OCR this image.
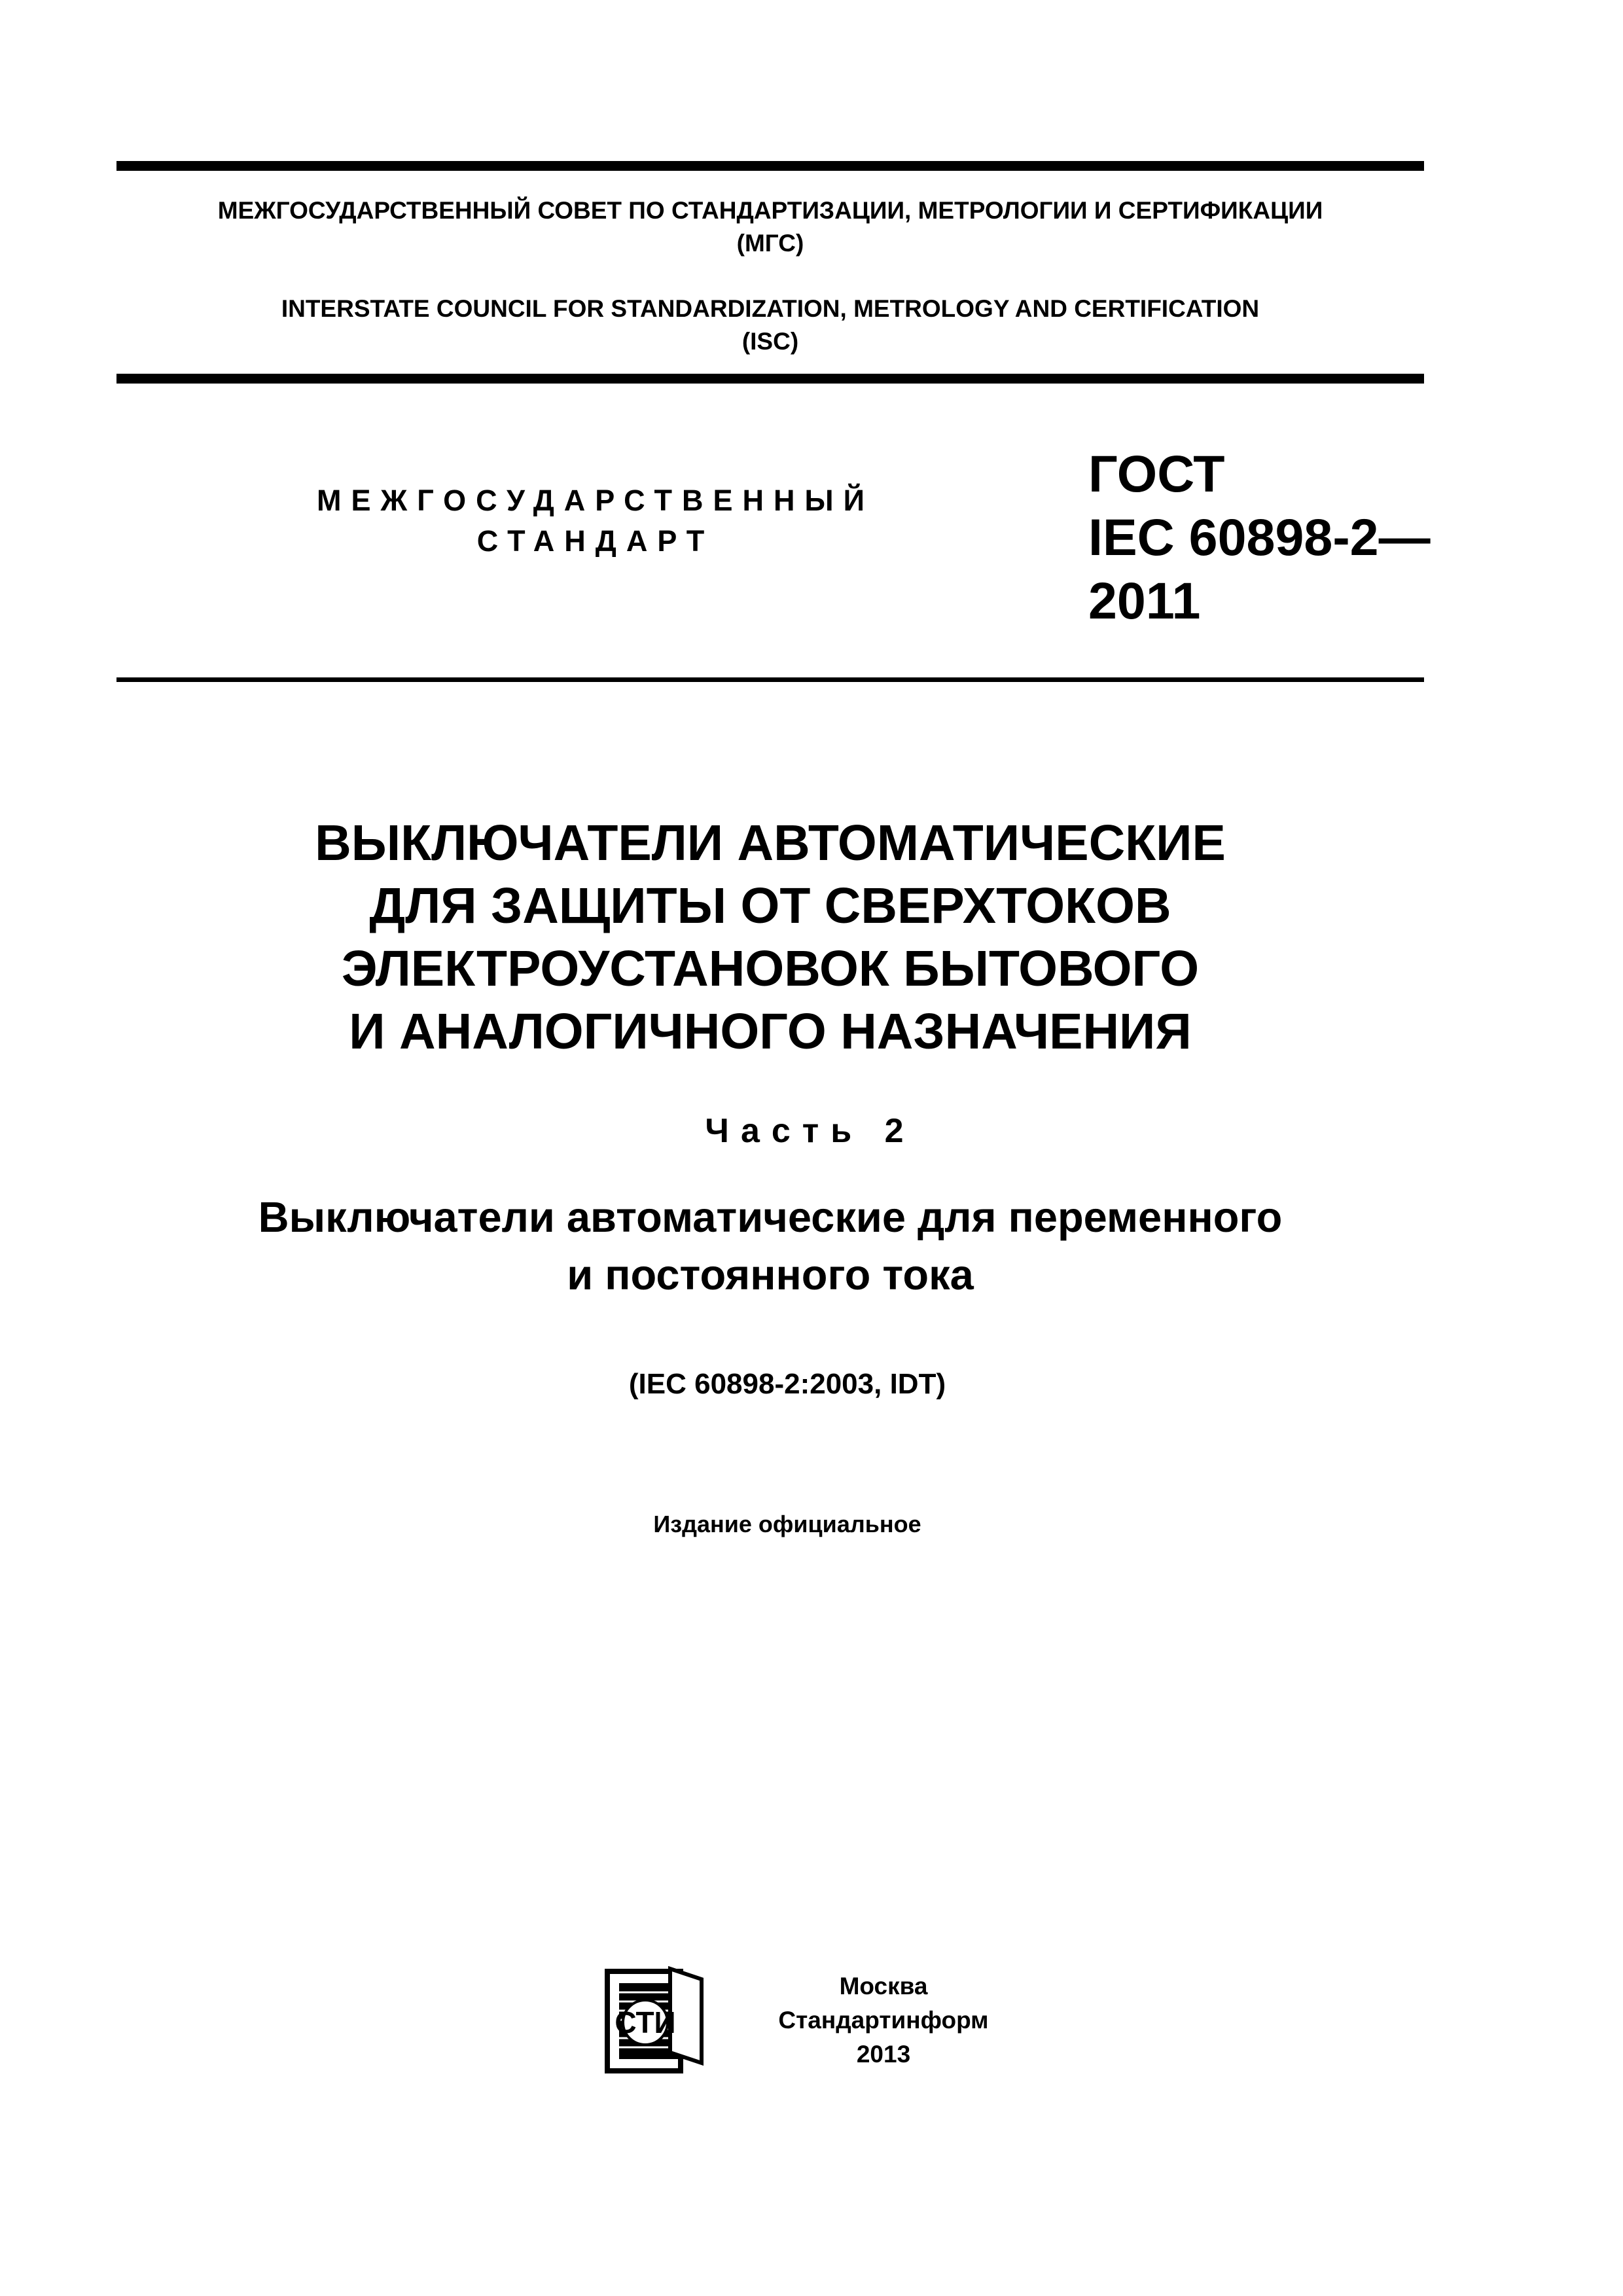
МЕЖГОСУДАРСТВЕННЫЙ СОВЕТ ПО СТАНДАРТИЗАЦИИ, МЕТРОЛОГИИ И СЕРТИФИКАЦИИ
(МГС)
INTERSTATE COUNCIL FOR STANDARDIZATION, METROLOGY AND CERTIFICATION
(ISC)
МЕЖГОСУДАРСТВЕННЫЙ
СТАНДАРТ
ГОСТ
IEC 60898-2—
2011
ВЫКЛЮЧАТЕЛИ АВТОМАТИЧЕСКИЕ
ДЛЯ ЗАЩИТЫ ОТ СВЕРХТОКОВ
ЭЛЕКТРОУСТАНОВОК БЫТОВОГО
И АНАЛОГИЧНОГО НАЗНАЧЕНИЯ
Часть 2
Выключатели автоматические для переменного
и постоянного тока
(IEC 60898-2:2003, IDT)
Издание официальное
СТИ
Москва
Стандартинформ
2013
